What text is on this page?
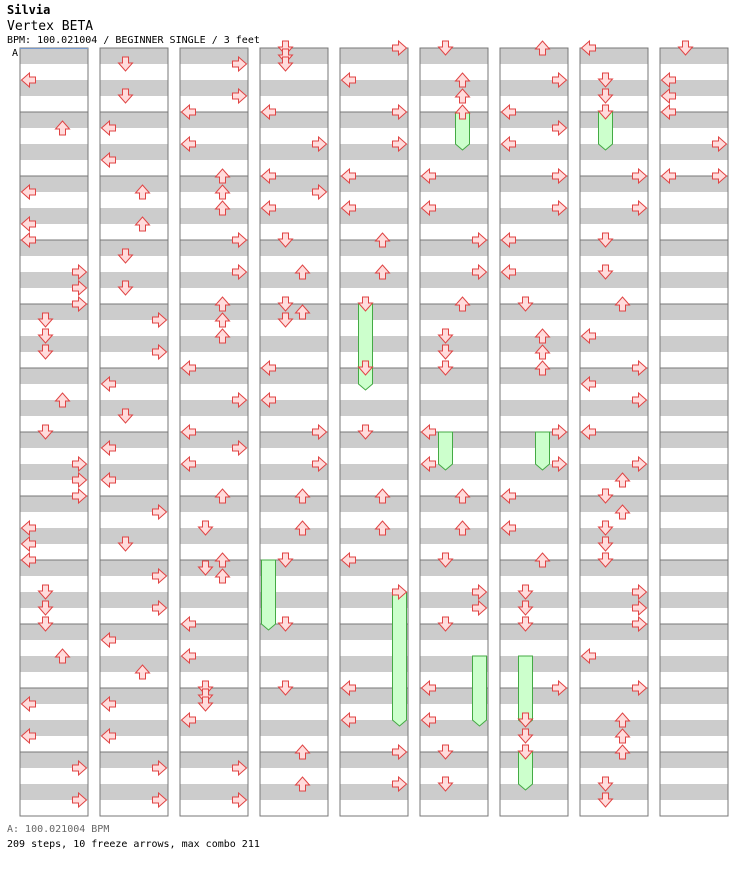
Silvia
Vertex BETA
BPM: 100.021004 / BEGINNER SINGLE / 3 feet
A
A: 100.021004 BPM
209 steps, 10 freeze arrows, max combo 211
